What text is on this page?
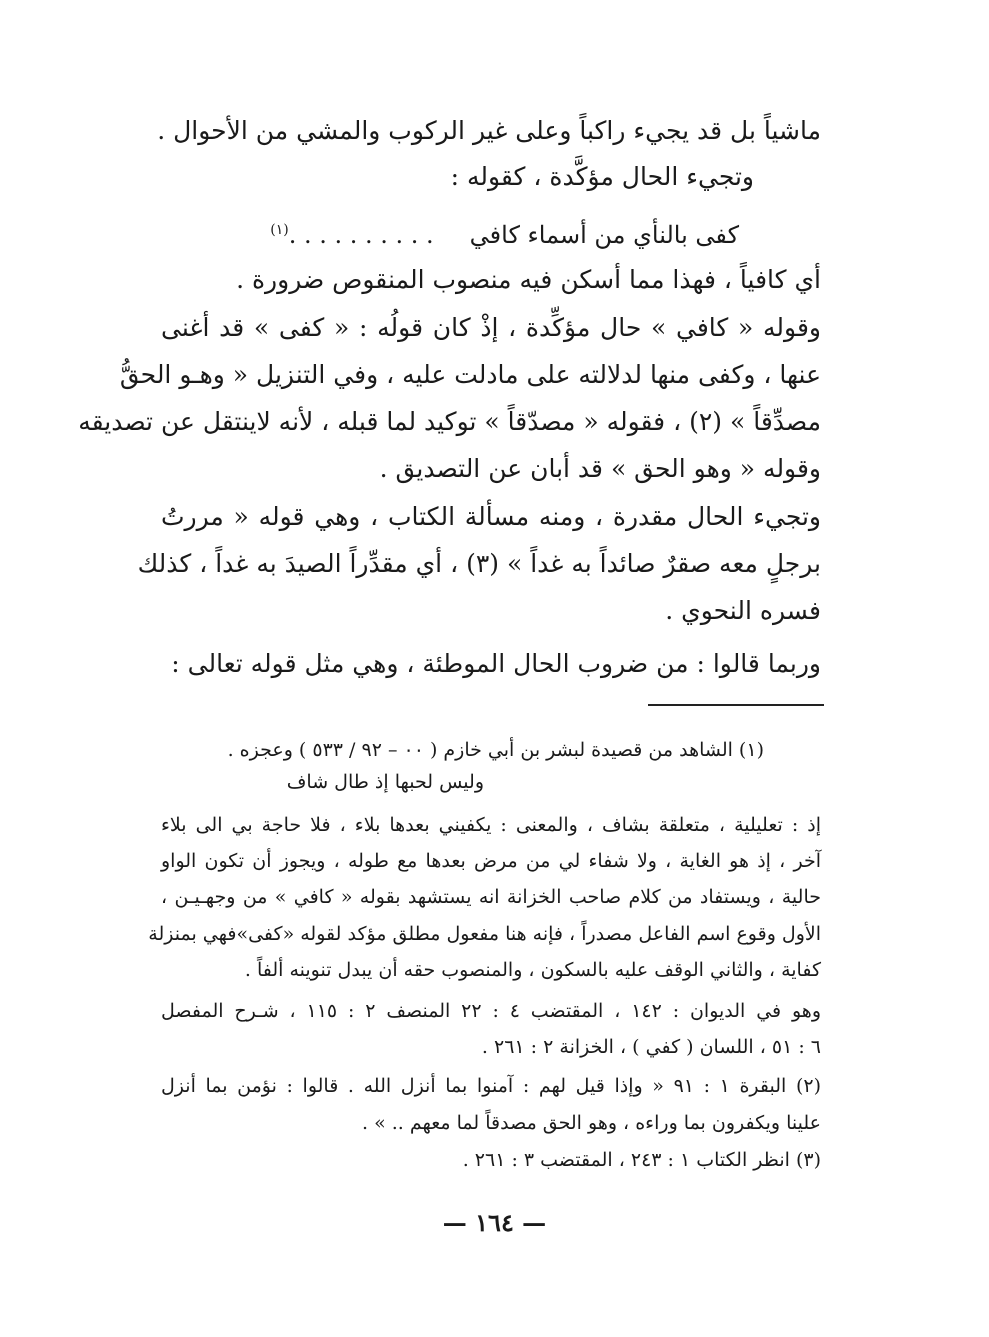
ماشياً بل قد يجيء راكباً وعلى غير الركوب والمشي من الأحوال .
وتجيء الحال مؤكَّدة ، كقوله :
كفى بالنأي من أسماء كافي. . . . . . . . . .$^{(١)}$
أي كافياً ، فهذا مما أسكن فيه منصوب المنقوص ضرورة .
وقوله « كافي » حال مؤكِّدة ، إذْ كان قولُه : « كفى » قد أغنى
عنها ، وكفى منها لدلالته على مادلت عليه ، وفي التنزيل « وهـو الحقُّ
مصدِّقاً » (٢) ، فقوله « مصدّقاً » توكيد لما قبله ، لأنه لاينتقل عن تصديقه
وقوله « وهو الحق » قد أبان عن التصديق .
وتجيء الحال مقدرة ، ومنه مسألة الكتاب ، وهي قوله « مررتُ
برجلٍ معه صقرٌ صائداً به غداً » (٣) ، أي مقدِّراً الصيدَ به غداً ، كذلك
فسره النحوي .
وربما قالوا : من ضروب الحال الموطئة ، وهي مثل قوله تعالى :
(١) الشاهد من قصيدة لبشر بن أبي خازم ( ٠٠ – ٩٢ / ٥٣٣ ) وعجزه .
وليس لحبها إذ طال شاف
إذ : تعليلية ، متعلقة بشاف ، والمعنى : يكفيني بعدها بلاء ، فلا حاجة بي الى بلاء
آخر ، إذ هو الغاية ، ولا شفاء لي من مرض بعدها مع طوله ، ويجوز أن تكون الواو
حالية ، ويستفاد من كلام صاحب الخزانة انه يستشهد بقوله « كافي » من وجهـيـن ،
الأول وقوع اسم الفاعل مصدراً ، فإنه هنا مفعول مطلق مؤكد لقوله «كفى»فهي بمنزلة
كفاية ، والثاني الوقف عليه بالسكون ، والمنصوب حقه أن يبدل تنوينه ألفاً .
وهو في الديوان : ١٤٢ ، المقتضب ٤ : ٢٢ المنصف ٢ : ١١٥ ، شـرح المفصل
٦ : ٥١ ، اللسان ( كفي ) ، الخزانة ٢ : ٢٦١ .
(٢) البقرة ١ : ٩١ « وإذا قيل لهم : آمنوا بما أنزل الله . قالوا : نؤمن بما أنزل
علينا ويكفرون بما وراءه ، وهو الحق مصدقاً لما معهم .. » .
(٣) انظر الكتاب ١ : ٢٤٣ ، المقتضب ٣ : ٢٦١ .
— ١٦٤ —
